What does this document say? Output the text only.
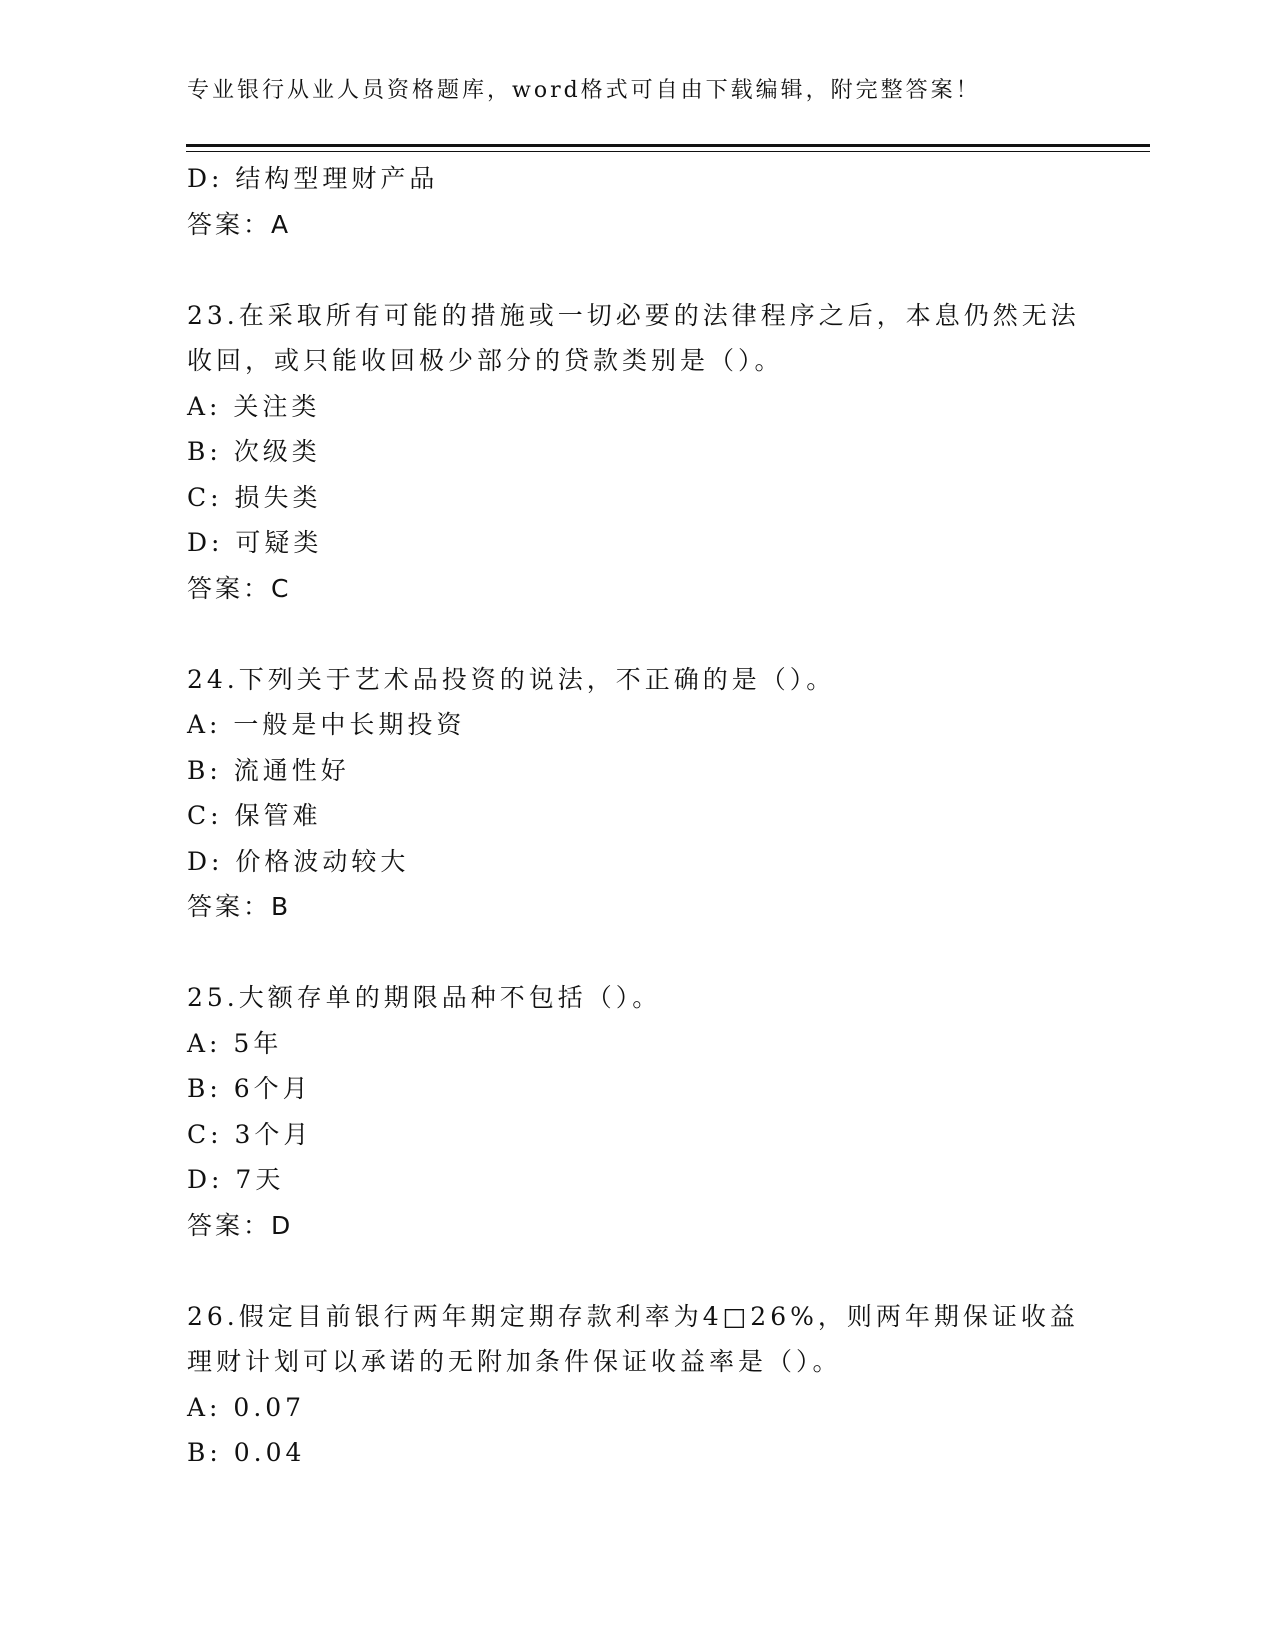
专业银行从业人员资格题库，word格式可自由下载编辑，附完整答案！
D: 结构型理财产品
答案：A
23.在采取所有可能的措施或一切必要的法律程序之后，本息仍然无法
收回，或只能收回极少部分的贷款类别是（）。
A: 关注类
B: 次级类
C: 损失类
D: 可疑类
答案：C
24.下列关于艺术品投资的说法，不正确的是（）。
A: 一般是中长期投资
B: 流通性好
C: 保管难
D: 价格波动较大
答案：B
25.大额存单的期限品种不包括（）。
A: 5年
B: 6个月
C: 3个月
D: 7天
答案：D
26.假定目前银行两年期定期存款利率为4□26%，则两年期保证收益
理财计划可以承诺的无附加条件保证收益率是（）。
A: 0.07
B: 0.04
